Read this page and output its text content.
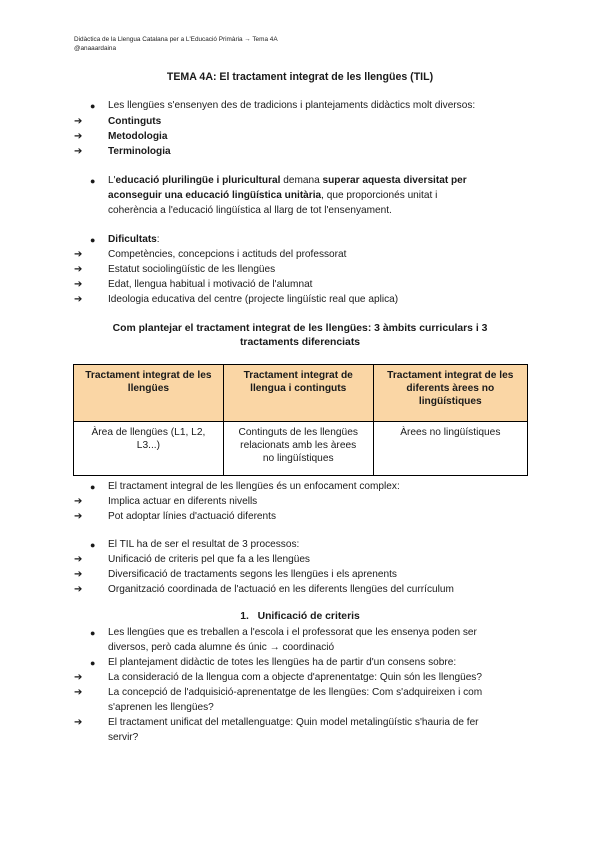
Didàctica de la Llengua Catalana per a L'Educació Primària → Tema 4A
@anaaardaina
TEMA 4A: El tractament integrat de les llengües (TIL)
● Les llengües s'ensenyen des de tradicions i plantejaments didàctics molt diversos:
➔	Continguts
➔	Metodologia
➔	Terminologia
● L'educació plurilingüe i pluricultural demana superar aquesta diversitat per
aconseguir una educació lingüística unitària, que proporcionés unitat i
coherència a l'educació lingüística al llarg de tot l'ensenyament.
● Dificultats:
➔	Competències, concepcions i actituds del professorat
➔	Estatut sociolingüístic de les llengües
➔	Edat, llengua habitual i motivació de l'alumnat
➔	Ideologia educativa del centre (projecte lingüístic real que aplica)
Com plantejar el tractament integrat de les llengües: 3 àmbits curriculars i 3
tractaments diferenciats
Tractament integrat de les
llengües	Tractament integrat de
llengua i continguts	Tractament integrat de les
diferents àrees no
lingüístiques
Àrea de llengües (L1, L2,
L3...)	Continguts de les llengües
relacionats amb les àrees
no lingüístiques	Àrees no lingüístiques
● El tractament integral de les llengües és un enfocament complex:
➔	Implica actuar en diferents nivells
➔	Pot adoptar línies d'actuació diferents
● El TIL ha de ser el resultat de 3 processos:
➔	Unificació de criteris pel que fa a les llengües
➔	Diversificació de tractaments segons les llengües i els aprenents
➔	Organització coordinada de l'actuació en les diferents llengües del currículum
1. Unificació de criteris
● Les llengües que es treballen a l'escola i el professorat que les ensenya poden ser
diversos, però cada alumne és únic → coordinació
● El plantejament didàctic de totes les llengües ha de partir d'un consens sobre:
➔	La consideració de la llengua com a objecte d'aprenentatge: Quin són les llengües?
➔	La concepció de l'adquisició-aprenentatge de les llengües: Com s'adquireixen i com
s'aprenen les llengües?
➔	El tractament unificat del metallenguatge: Quin model metalingüístic s'hauria de fer
servir?
